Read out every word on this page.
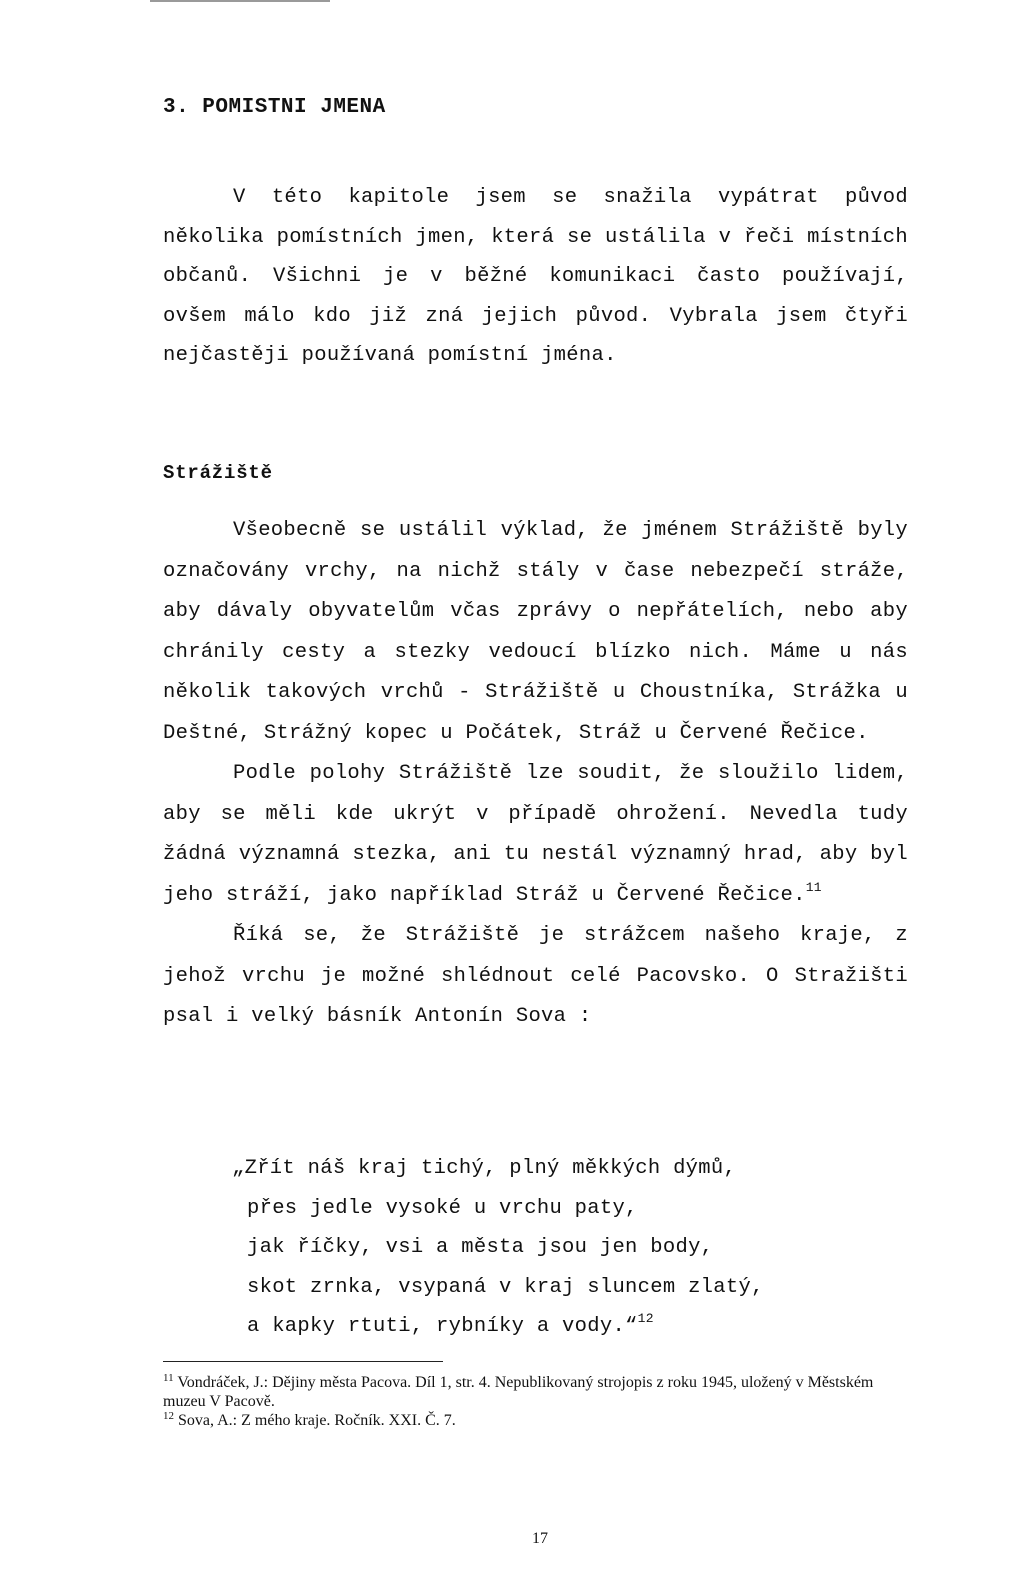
3. POMISTNI JMENA

V této kapitole jsem se snažila vypátrat původ několika pomístních jmen, která se ustálila v řeči místních občanů. Všichni je v běžné komunikaci často používají, ovšem málo kdo již zná jejich původ. Vybrala jsem čtyři nejčastěji používaná pomístní jména.

Strážiště

Všeobecně se ustálil výklad, že jménem Strážiště byly označovány vrchy, na nichž stály v čase nebezpečí stráže, aby dávaly obyvatelům včas zprávy o nepřátelích, nebo aby chránily cesty a stezky vedoucí blízko nich. Máme u nás několik takových vrchů - Strážiště u Choustníka, Strážka u Deštné, Strážný kopec u Počátek, Stráž u Červené Řečice.

Podle polohy Strážiště lze soudit, že sloužilo lidem, aby se měli kde ukrýt v případě ohrožení. Nevedla tudy žádná významná stezka, ani tu nestál významný hrad, aby byl jeho stráží, jako například Stráž u Červené Řečice.$^{11}$

Říká se, že Strážiště je strážcem našeho kraje, z jehož vrchu je možné shlédnout celé Pacovsko. O Stražišti psal i velký básník Antonín Sova :

„Zřít náš kraj tichý, plný měkkých dýmů,
přes jedle vysoké u vrchu paty,
jak říčky, vsi a města jsou jen body,
skot zrnka, vsypaná v kraj sluncem zlatý,
a kapky rtuti, rybníky a vody.“$^{12}$

$^{11}$ Vondráček, J.: Dějiny města Pacova. Díl 1, str. 4. Nepublikovaný strojopis z roku 1945, uložený v Městském muzeu V Pacově.

$^{12}$ Sova, A.: Z mého kraje. Ročník. XXI. Č. 7.

17
